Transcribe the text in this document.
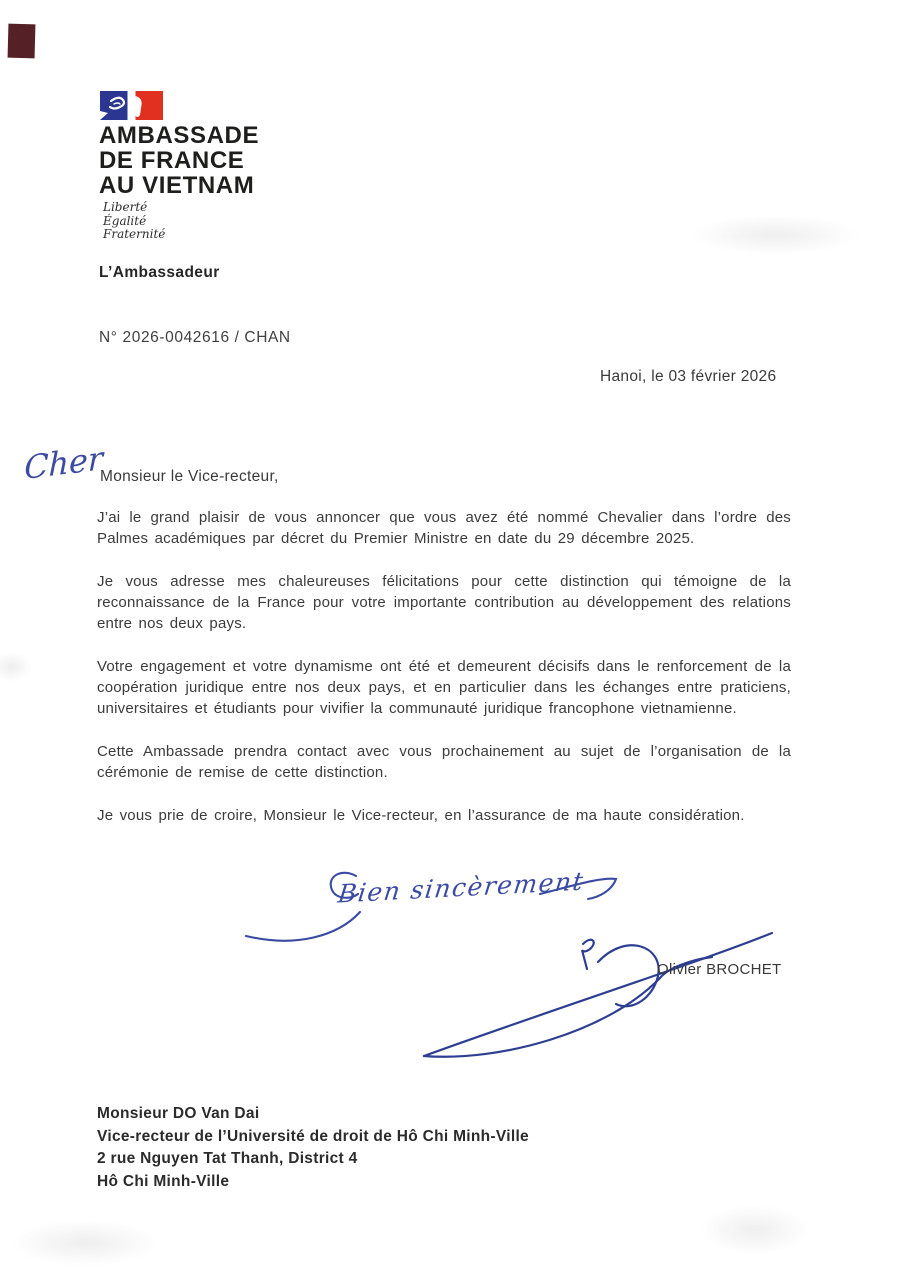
AMBASSADE
DE FRANCE
AU VIETNAM
Liberté
Égalité
Fraternité
L’Ambassadeur
N° 2026-0042616 / CHAN
Hanoi, le 03 février 2026
Cher
Monsieur le Vice-recteur,

J’ai le grand plaisir de vous annoncer que vous avez été nommé Chevalier dans l’ordre des Palmes académiques par décret du Premier Ministre en date du 29 décembre 2025.

Je vous adresse mes chaleureuses félicitations pour cette distinction qui témoigne de la reconnaissance de la France pour votre importante contribution au développement des relations entre nos deux pays.

Votre engagement et votre dynamisme ont été et demeurent décisifs dans le renforcement de la coopération juridique entre nos deux pays, et en particulier dans les échanges entre praticiens, universitaires et étudiants pour vivifier la communauté juridique francophone vietnamienne.

Cette Ambassade prendra contact avec vous prochainement au sujet de l’organisation de la cérémonie de remise de cette distinction.

Je vous prie de croire, Monsieur le Vice-recteur, en l’assurance de ma haute considération.

Bien sincèrement
Olivier BROCHET
Monsieur DO Van Dai
Vice-recteur de l’Université de droit de Hô Chi Minh-Ville
2 rue Nguyen Tat Thanh, District 4
Hô Chi Minh-Ville
